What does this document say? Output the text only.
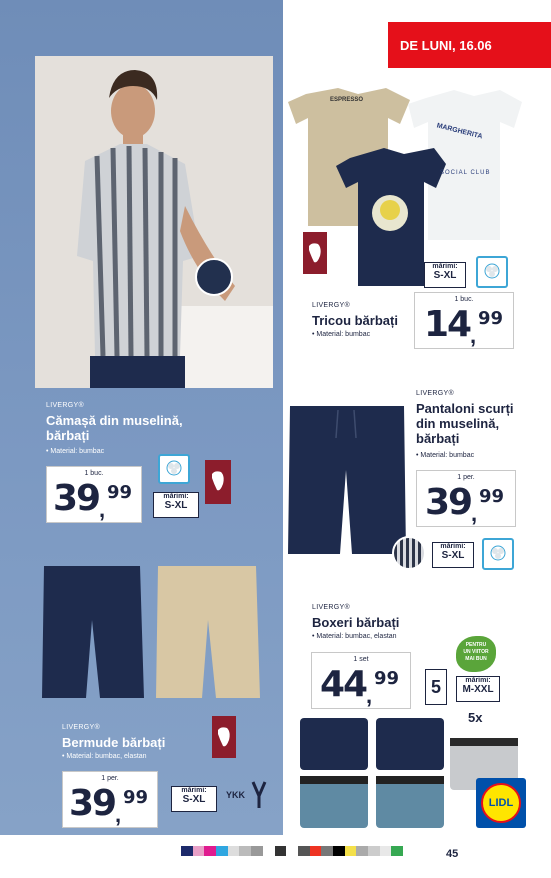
LIVERGY®
Cămașă din muselină,
bărbați
• Material: bumbac
1 buc.
39 ,
99	mărimi:
S-XL
LIVERGY®
Bermude bărbați
• Material: bumbac, elastan
1 per.
39 ,
99	mărimi:
S-XL	YKK
DE LUNI, 16.06
ESPRESSO
MARGHERITA
SOCIAL CLUB
mărimi:
S-XL
LIVERGY®
Tricou bărbați
• Material: bumbac
1 buc.
14 ,
99
LIVERGY®
Pantaloni scurți
din muselină,
bărbați
• Material: bumbac
1 per.
39 ,
99
mărimi:
S-XL
LIVERGY®
Boxeri bărbați
• Material: bumbac, elastan
1 set
44 ,
99	5
PENTRU
UN VIITOR
MAI BUN
mărimi:
M-XXL
5x
LIDL
45
